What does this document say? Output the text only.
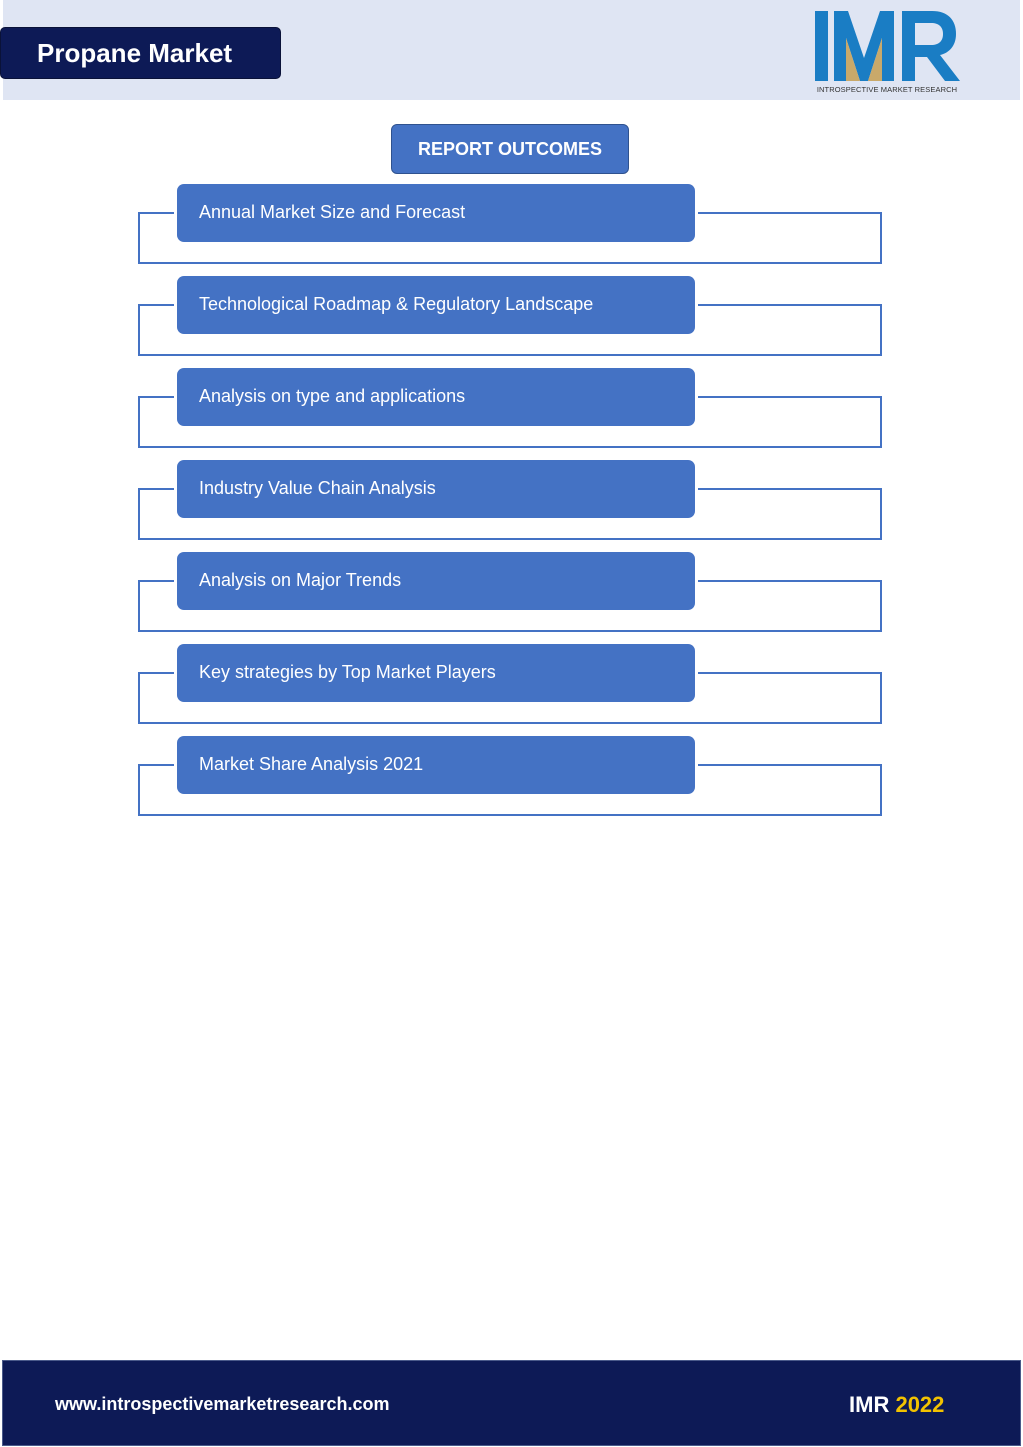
Propane Market
INTROSPECTIVE MARKET RESEARCH
REPORT OUTCOMES
Annual Market Size and Forecast
Technological Roadmap & Regulatory Landscape
Analysis on type and applications
Industry Value Chain Analysis
Analysis on Major Trends
Key strategies by Top Market Players
Market Share Analysis 2021
www.introspectivemarketresearch.com	IMR 2022
